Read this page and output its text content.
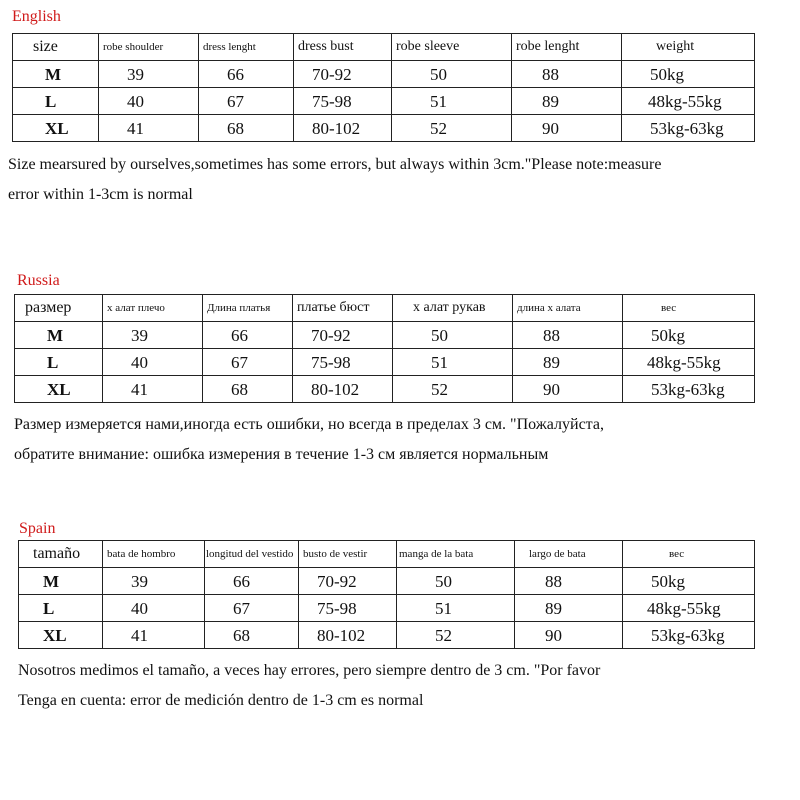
English
size	robe shoulder	dress lenght	dress bust	robe sleeve	robe lenght	weight
M	39	66	70-92	50	88	50kg
L	40	67	75-98	51	89	48kg-55kg
XL	41	68	80-102	52	90	53kg-63kg
Size mearsured by ourselves,sometimes has some errors, but always within 3cm."Please note:measure
error within 1-3cm is normal
Russia
размер	х алат плечо	Длина платья	платье бюст	х алат рукав	длина х алата	вес
M	39	66	70-92	50	88	50kg
L	40	67	75-98	51	89	48kg-55kg
XL	41	68	80-102	52	90	53kg-63kg
Размер измеряется нами,иногда есть ошибки, но всегда в пределах 3 см. "Пожалуйста,
обратите внимание: ошибка измерения в течение 1-3 см является нормальным
Spain
tamaño	bata de hombro	longitud del vestido	busto de vestir	manga de la bata	largo de bata	вес
M	39	66	70-92	50	88	50kg
L	40	67	75-98	51	89	48kg-55kg
XL	41	68	80-102	52	90	53kg-63kg
Nosotros medimos el tamaño, a veces hay errores, pero siempre dentro de 3 cm. "Por favor
Tenga en cuenta: error de medición dentro de 1-3 cm es normal
